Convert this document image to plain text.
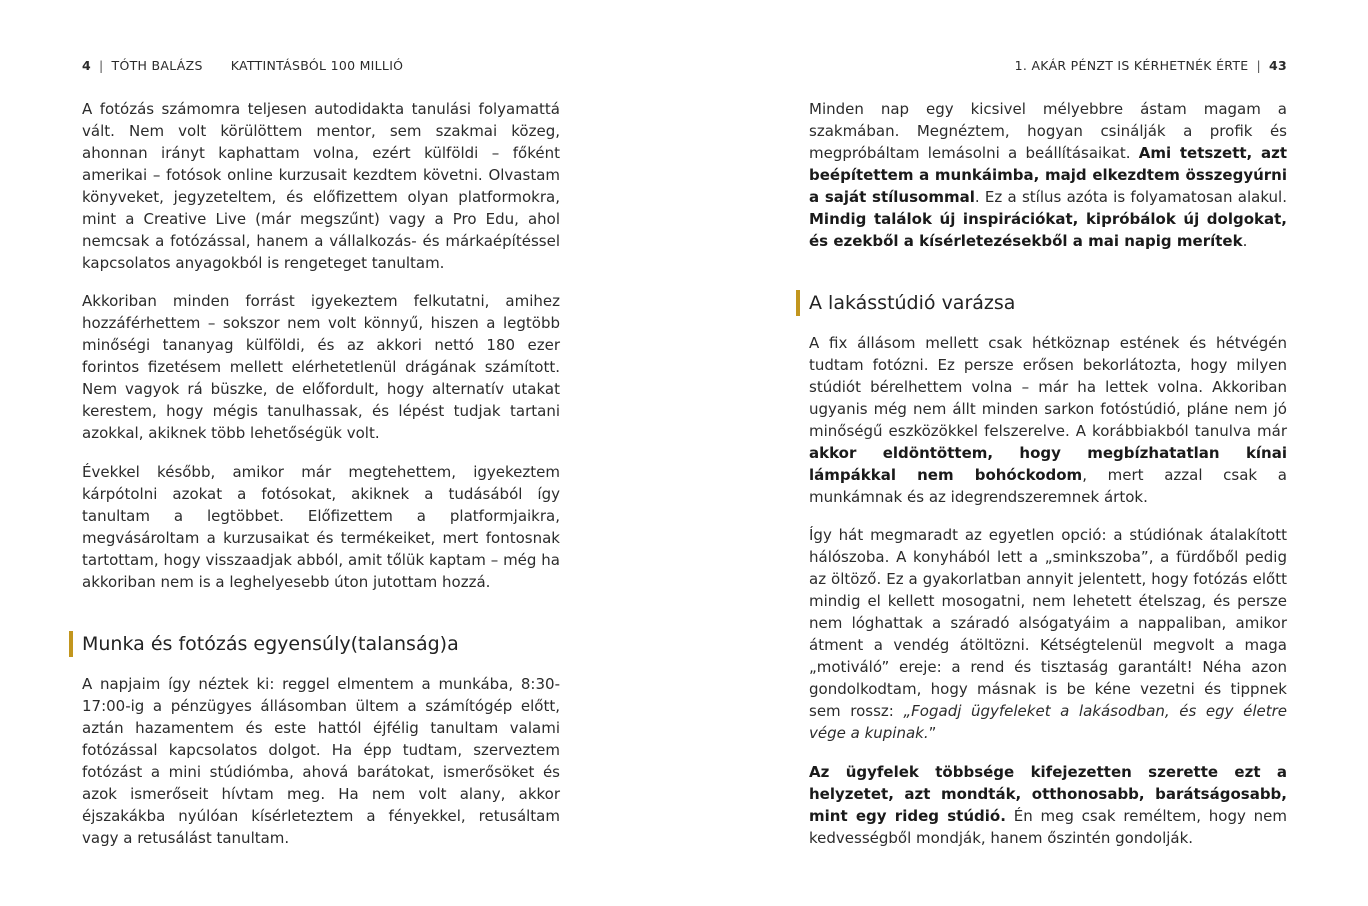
4 | TÓTH BALÁZS KATTINTÁSBÓL 100 MILLIÓ	1. AKÁR PÉNZT IS KÉRHETNÉK ÉRTE | 43

A fotózás számomra teljesen autodidakta tanulási folyamattá vált. Nem volt körülöttem mentor, sem szakmai közeg, ahonnan irányt kaphattam volna, ezért külföldi – főként amerikai – fotósok online kurzusait kezdtem követni. Olvastam könyveket, jegyzeteltem, és előfizettem olyan platformokra, mint a Creative Live (már megszűnt) vagy a Pro Edu, ahol nemcsak a fotózással, hanem a vállalkozás- és márkaépítéssel kapcsolatos anyagokból is rengeteget tanultam.

Akkoriban minden forrást igyekeztem felkutatni, amihez hozzáférhettem – sokszor nem volt könnyű, hiszen a legtöbb minőségi tananyag külföldi, és az akkori nettó 180 ezer forintos fizetésem mellett elérhetetlenül drágának számított. Nem vagyok rá büszke, de előfordult, hogy alternatív utakat kerestem, hogy mégis tanulhassak, és lépést tudjak tartani azokkal, akiknek több lehetőségük volt.

Évekkel később, amikor már megtehettem, igyekeztem kárpótolni azokat a fotósokat, akiknek a tudásából így tanultam a legtöbbet. Előfizettem a platformjaikra, megvásároltam a kurzusaikat és termékeiket, mert fontosnak tartottam, hogy visszaadjak abból, amit tőlük kaptam – még ha akkoriban nem is a leghelyesebb úton jutottam hozzá.

Munka és fotózás egyensúly(talanság)a

A napjaim így néztek ki: reggel elmentem a munkába, 8:30-17:00-ig a pénzügyes állásomban ültem a számítógép előtt, aztán hazamentem és este hattól éjfélig tanultam valami fotózással kapcsolatos dolgot. Ha épp tudtam, szerveztem fotózást a mini stúdiómba, ahová barátokat, ismerősöket és azok ismerőseit hívtam meg. Ha nem volt alany, akkor éjszakákba nyúlóan kísérleteztem a fényekkel, retusáltam vagy a retusálást tanultam.

Minden nap egy kicsivel mélyebbre ástam magam a szakmában. Megnéztem, hogyan csinálják a profik és megpróbáltam lemásolni a beállításaikat. Ami tetszett, azt beépítettem a munkáimba, majd elkezdtem összegyúrni a saját stílusommal. Ez a stílus azóta is folyamatosan alakul. Mindig találok új inspirációkat, kipróbálok új dolgokat, és ezekből a kísérletezésekből a mai napig merítek.

A lakásstúdió varázsa

A fix állásom mellett csak hétköznap estének és hétvégén tudtam fotózni. Ez persze erősen bekorlátozta, hogy milyen stúdiót bérelhettem volna – már ha lettek volna. Akkoriban ugyanis még nem állt minden sarkon fotóstúdió, pláne nem jó minőségű eszközökkel felszerelve. A korábbiakból tanulva már akkor eldöntöttem, hogy megbízhatatlan kínai lámpákkal nem bohóckodom, mert azzal csak a munkámnak és az idegrendszeremnek ártok.

Így hát megmaradt az egyetlen opció: a stúdiónak átalakított hálószoba. A konyhából lett a „sminkszoba”, a fürdőből pedig az öltöző. Ez a gyakorlatban annyit jelentett, hogy fotózás előtt mindig el kellett mosogatni, nem lehetett ételszag, és persze nem lóghattak a száradó alsógatyáim a nappaliban, amikor átment a vendég átöltözni. Kétségtelenül megvolt a maga „motiváló” ereje: a rend és tisztaság garantált! Néha azon gondolkodtam, hogy másnak is be kéne vezetni és tippnek sem rossz: „Fogadj ügyfeleket a lakásodban, és egy életre vége a kupinak.”

Az ügyfelek többsége kifejezetten szerette ezt a helyzetet, azt mondták, otthonosabb, barátságosabb, mint egy rideg stúdió. Én meg csak reméltem, hogy nem kedvességből mondják, hanem őszintén gondolják.
